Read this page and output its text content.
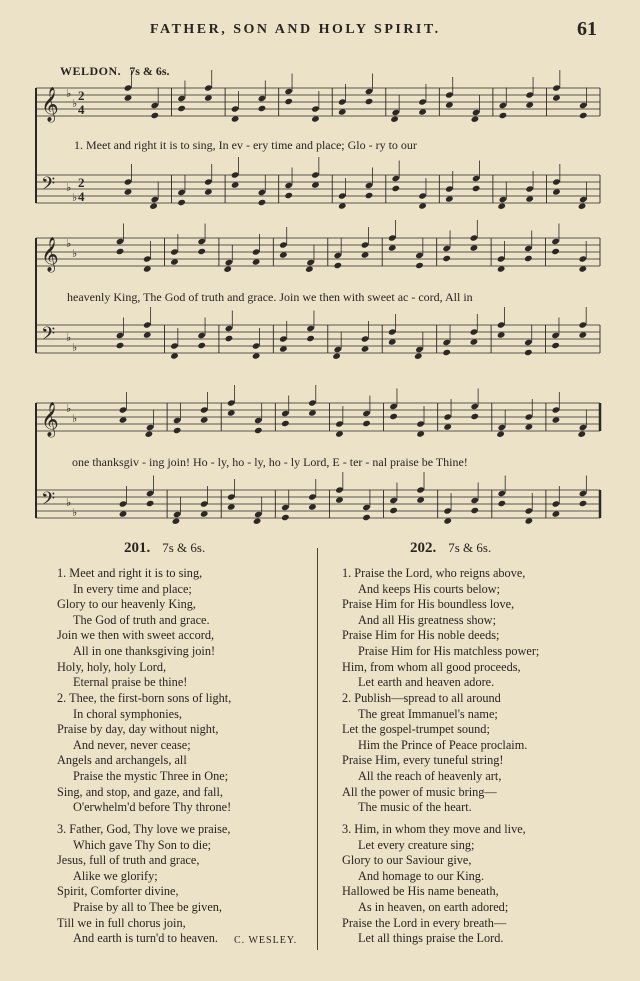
FATHER, SON AND HOLY SPIRIT.	61
WELDON. 7s & 6s.
𝄞 ♭
♭
𝄢 ♭
♭
2
2
4
4
𝄞 ♭
♭
𝄢 ♭
♭
𝄞 ♭
♭
𝄢 ♭
♭
1. Meet and right it is to sing, In ev - ery time and place; Glo - ry to our
heavenly King, The God of truth and grace. Join we then with sweet ac - cord, All in
one thanksgiv - ing join! Ho - ly, ho - ly, ho - ly Lord, E - ter - nal praise be Thine!
201. 7s & 6s.
1. Meet and right it is to sing,
In every time and place;
Glory to our heavenly King,
The God of truth and grace.
Join we then with sweet accord,
All in one thanksgiving join!
Holy, holy, holy Lord,
Eternal praise be thine!
2. Thee, the first-born sons of light,
In choral symphonies,
Praise by day, day without night,
And never, never cease;
Angels and archangels, all
Praise the mystic Three in One;
Sing, and stop, and gaze, and fall,
O'erwhelm'd before Thy throne!
3. Father, God, Thy love we praise,
Which gave Thy Son to die;
Jesus, full of truth and grace,
Alike we glorify;
Spirit, Comforter divine,
Praise by all to Thee be given,
Till we in full chorus join,
And earth is turn'd to heaven.	C. WESLEY.
202. 7s & 6s.
1. Praise the Lord, who reigns above,
And keeps His courts below;
Praise Him for His boundless love,
And all His greatness show;
Praise Him for His noble deeds;
Praise Him for His matchless power;
Him, from whom all good proceeds,
Let earth and heaven adore.
2. Publish—spread to all around
The great Immanuel's name;
Let the gospel-trumpet sound;
Him the Prince of Peace proclaim.
Praise Him, every tuneful string!
All the reach of heavenly art,
All the power of music bring—
The music of the heart.
3. Him, in whom they move and live,
Let every creature sing;
Glory to our Saviour give,
And homage to our King.
Hallowed be His name beneath,
As in heaven, on earth adored;
Praise the Lord in every breath—
Let all things praise the Lord.
